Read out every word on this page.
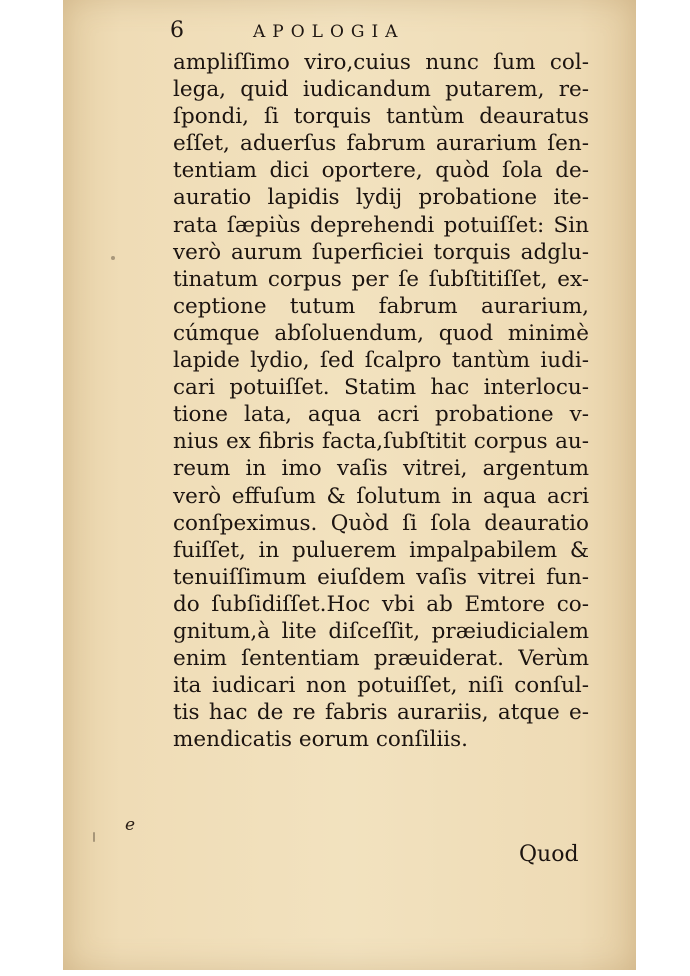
6	APOLOGIA

ampliſſimo viro,cuius nunc ſum col-
lega, quid iudicandum putarem, re-
ſpondi, ſi torquis tantùm deauratus
eſſet, aduerſus fabrum aurarium ſen-
tentiam dici oportere, quòd ſola de-
auratio lapidis lydij probatione ite-
rata ſæpiùs deprehendi potuiſſet: Sin
verò aurum ſuperficiei torquis adglu-
tinatum corpus per ſe ſubſtitiſſet, ex-
ceptione tutum fabrum aurarium,
cúmque abſoluendum, quod minimè
lapide lydio, ſed ſcalpro tantùm iudi-
cari potuiſſet. Statim hac interlocu-
tione lata, aqua acri probatione v-
nius ex fibris facta,ſubſtitit corpus au-
reum in imo vaſis vitrei, argentum
verò effuſum & ſolutum in aqua acri
conſpeximus. Quòd ſi ſola deauratio
fuiſſet, in puluerem impalpabilem &
tenuiſſimum eiuſdem vaſis vitrei fun-
do ſubſidiſſet.Hoc vbi ab Emtore co-
gnitum,à lite diſceſſit, præiudicialem
enim ſententiam præuiderat. Verùm
ita iudicari non potuiſſet, niſi conſul-
tis hac de re fabris aurariis, atque e-
mendicatis eorum conſiliis.
e
Quod
